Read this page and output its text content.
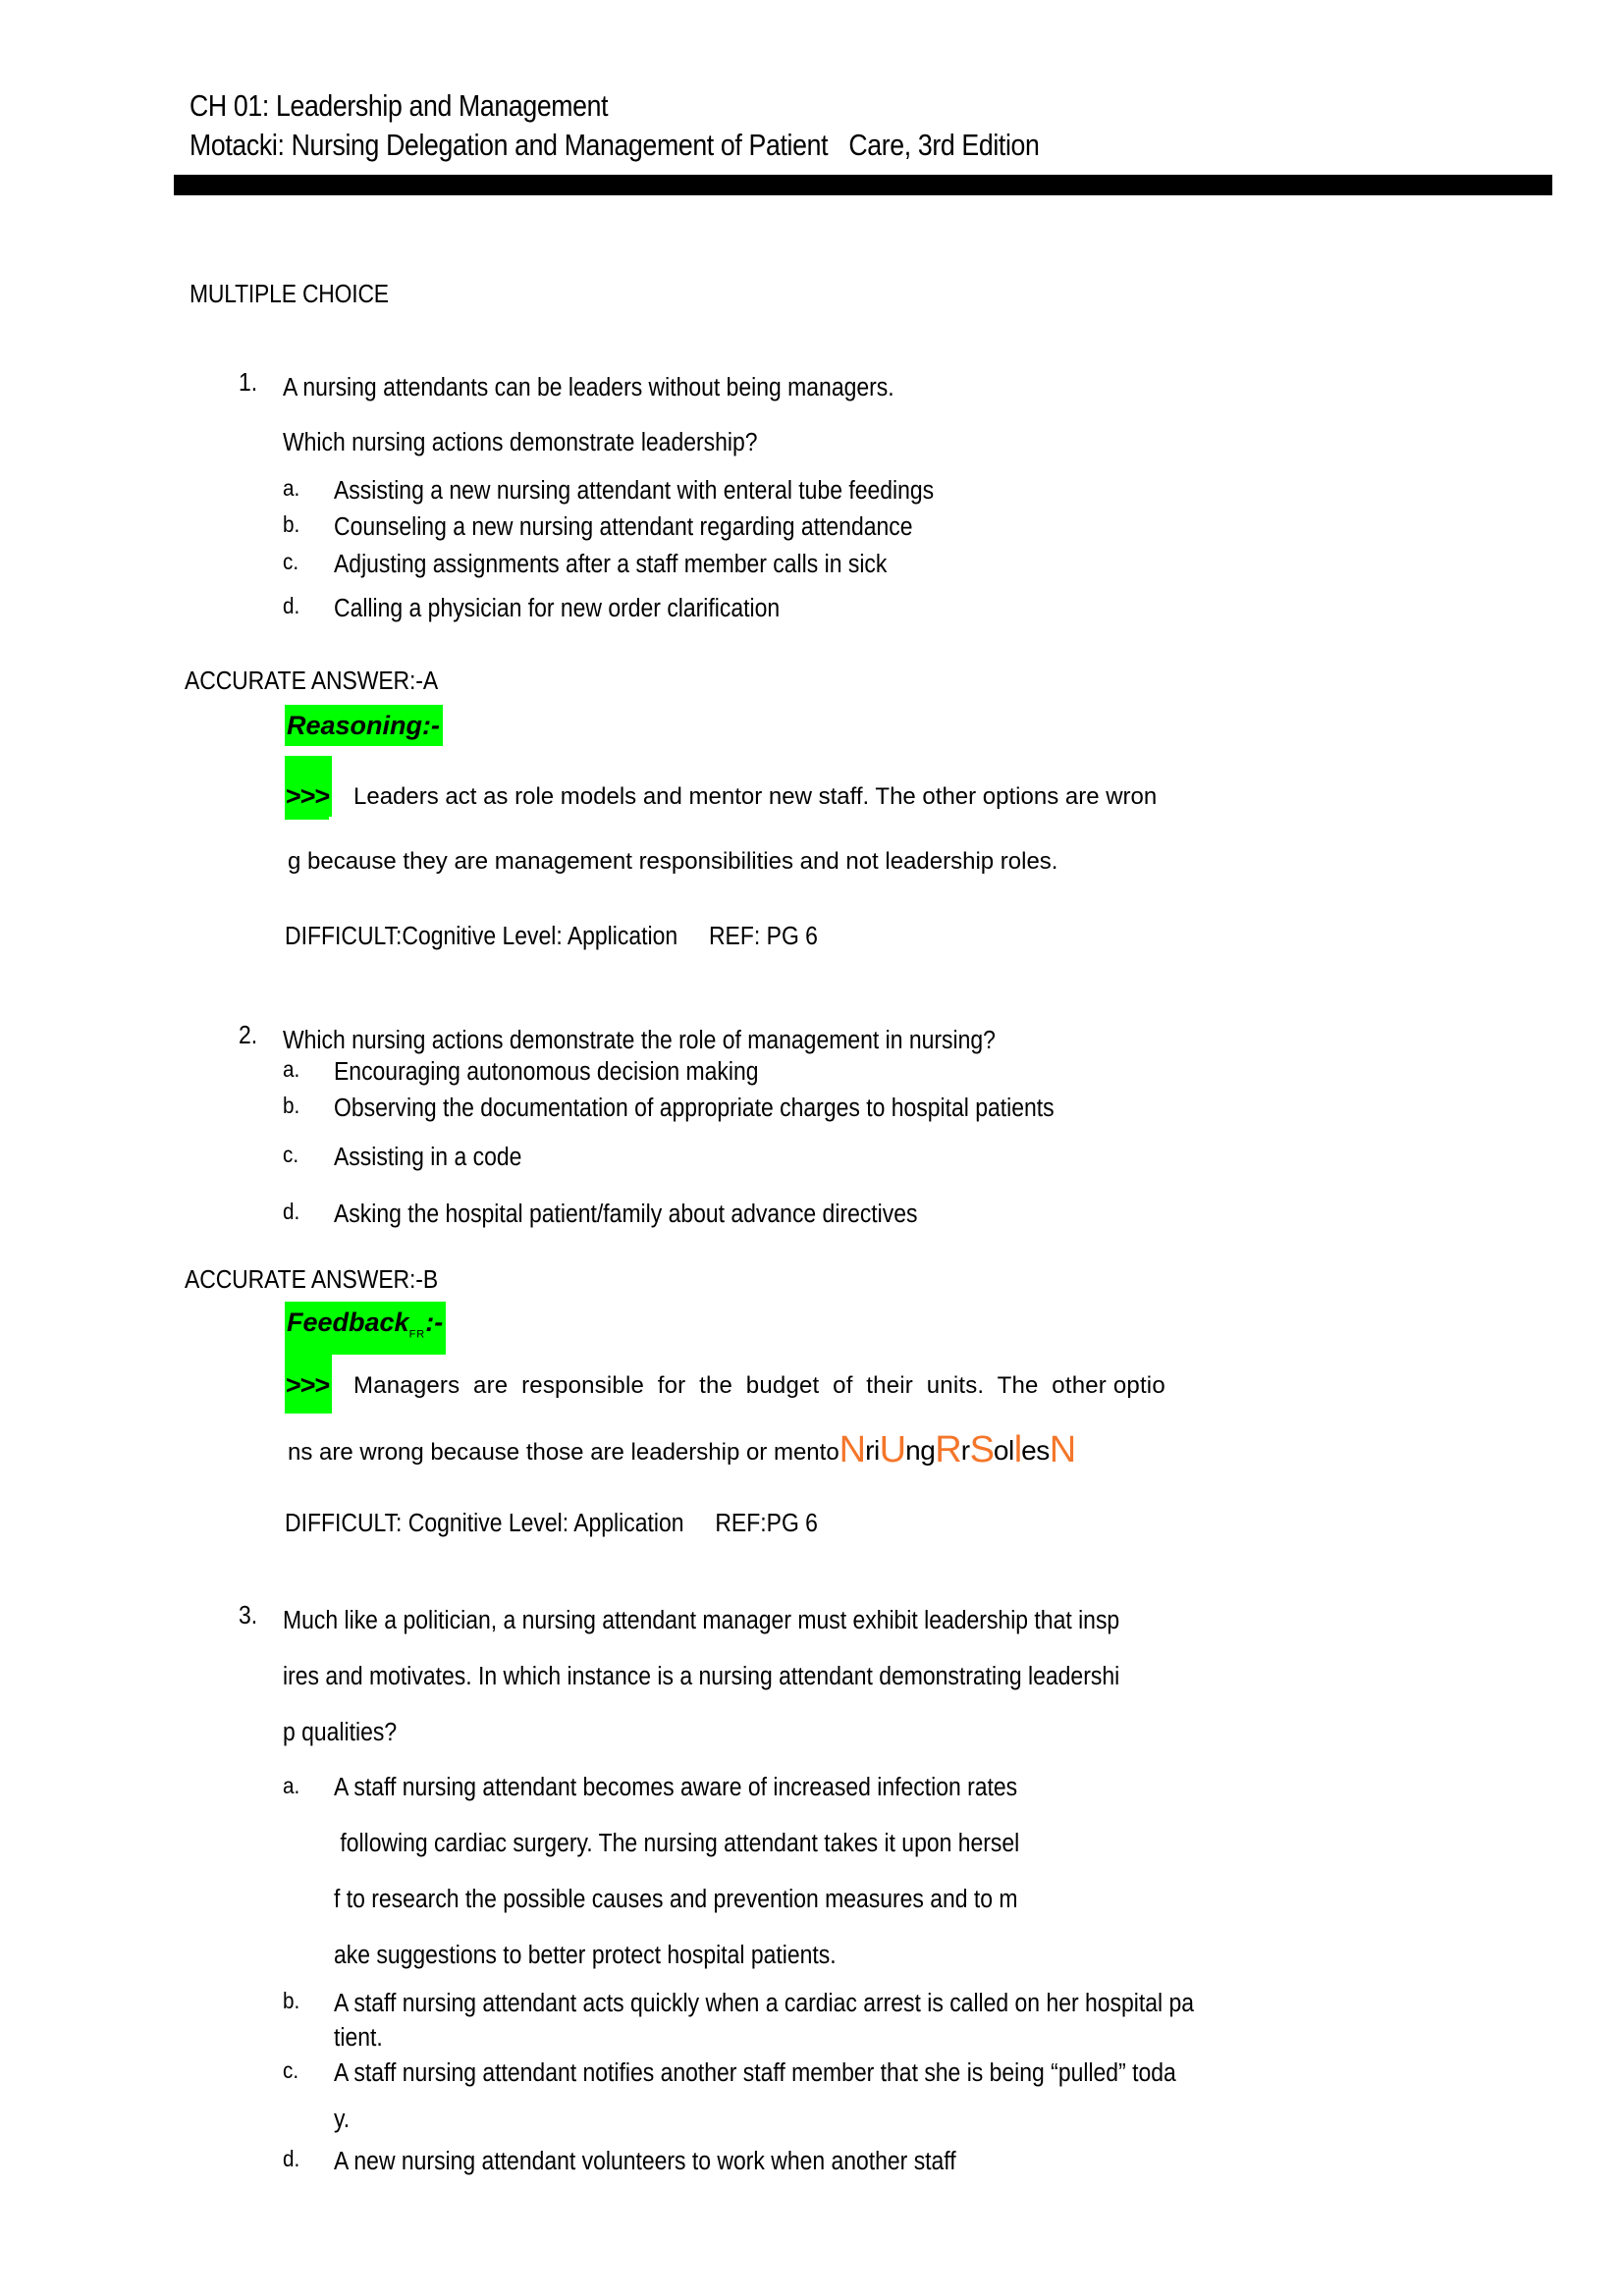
CH 01: Leadership and Management
Motacki: Nursing Delegation and Management of Patient   Care, 3rd Edition
MULTIPLE CHOICE
1. A nursing attendants can be leaders without being managers.
Which nursing actions demonstrate leadership?
a. Assisting a new nursing attendant with enteral tube feedings
b. Counseling a new nursing attendant regarding attendance
c. Adjusting assignments after a staff member calls in sick
d. Calling a physician for new order clarification
ACCURATE ANSWER:-A
Reasoning:-
>>> Leaders act as role models and mentor new staff. The other options are wron
g because they are management responsibilities and not leadership roles.
DIFFICULT:Cognitive Level: Application     REF: PG 6
2. Which nursing actions demonstrate the role of management in nursing?
a. Encouraging autonomous decision making
b. Observing the documentation of appropriate charges to hospital patients
c. Assisting in a code
d. Asking the hospital patient/family about advance directives
ACCURATE ANSWER:-B
Feedback$_{FR}$:-
>>> Managers  are  responsible  for  the  budget  of  their  units.  The  other optio
ns are wrong because those are leadership or mentoNriUngRrSollesN
DIFFICULT: Cognitive Level: Application     REF:PG 6
3. Much like a politician, a nursing attendant manager must exhibit leadership that insp
ires and motivates. In which instance is a nursing attendant demonstrating leadershi
p qualities?
a. A staff nursing attendant becomes aware of increased infection rates
following cardiac surgery. The nursing attendant takes it upon hersel
f to research the possible causes and prevention measures and to m
ake suggestions to better protect hospital patients.
b. A staff nursing attendant acts quickly when a cardiac arrest is called on her hospital pa
tient.
c. A staff nursing attendant notifies another staff member that she is being “pulled” toda
y.
d. A new nursing attendant volunteers to work when another staff
